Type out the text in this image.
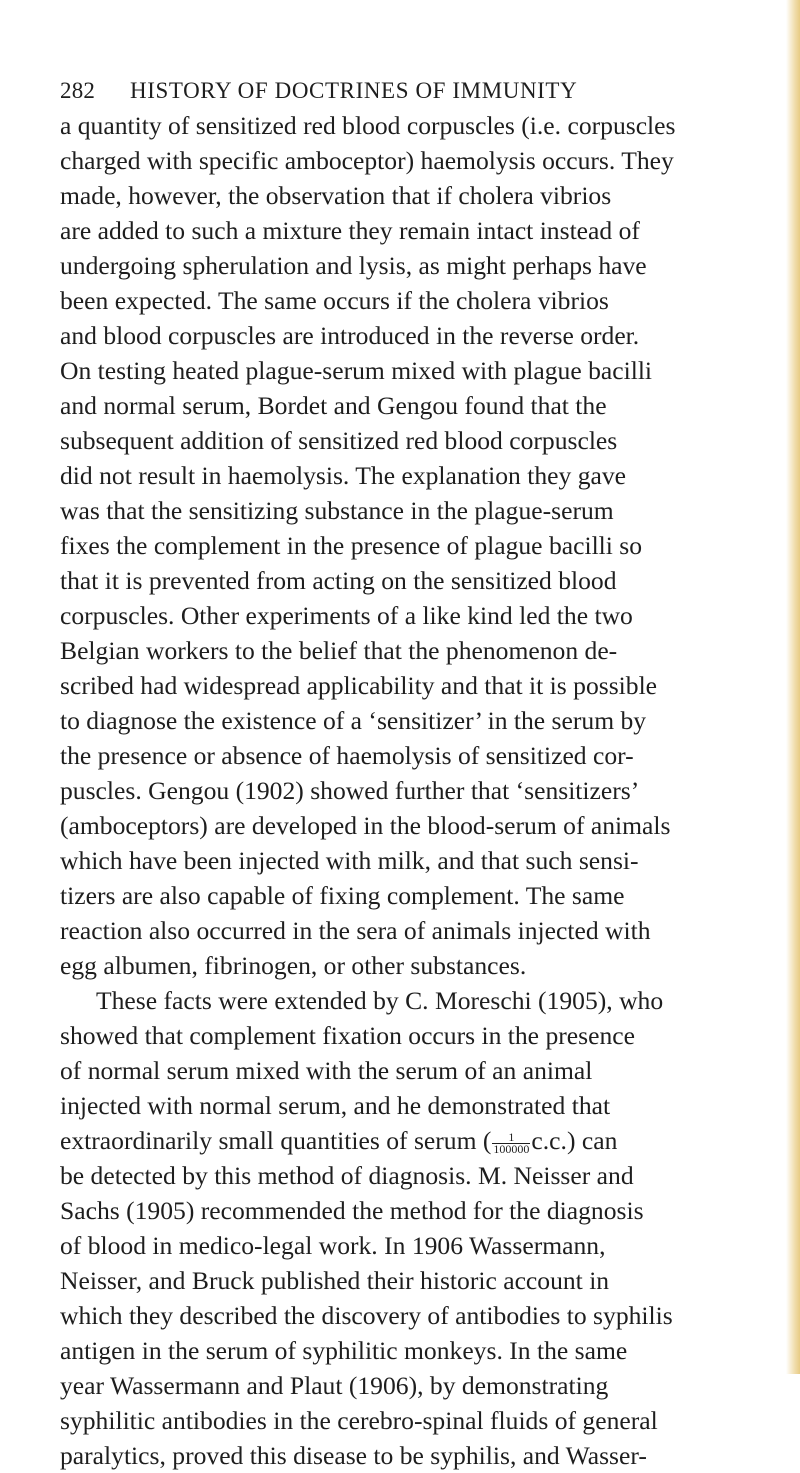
282 HISTORY OF DOCTRINES OF IMMUNITY
a quantity of sensitized red blood corpuscles (i.e. corpuscles
charged with specific amboceptor) haemolysis occurs. They
made, however, the observation that if cholera vibrios
are added to such a mixture they remain intact instead of
undergoing spherulation and lysis, as might perhaps have
been expected. The same occurs if the cholera vibrios
and blood corpuscles are introduced in the reverse order.
On testing heated plague-serum mixed with plague bacilli
and normal serum, Bordet and Gengou found that the
subsequent addition of sensitized red blood corpuscles
did not result in haemolysis. The explanation they gave
was that the sensitizing substance in the plague-serum
fixes the complement in the presence of plague bacilli so
that it is prevented from acting on the sensitized blood
corpuscles. Other experiments of a like kind led the two
Belgian workers to the belief that the phenomenon de-
scribed had widespread applicability and that it is possible
to diagnose the existence of a ‘sensitizer’ in the serum by
the presence or absence of haemolysis of sensitized cor-
puscles. Gengou (1902) showed further that ‘sensitizers’
(amboceptors) are developed in the blood-serum of animals
which have been injected with milk, and that such sensi-
tizers are also capable of fixing complement. The same
reaction also occurred in the sera of animals injected with
egg albumen, fibrinogen, or other substances.
These facts were extended by C. Moreschi (1905), who
showed that complement fixation occurs in the presence
of normal serum mixed with the serum of an animal
injected with normal serum, and he demonstrated that
extraordinarily small quantities of serum ( $\frac{1}{100000} c.c$.) can
be detected by this method of diagnosis. M. Neisser and
Sachs (1905) recommended the method for the diagnosis
of blood in medico-legal work. In 1906 Wassermann,
Neisser, and Bruck published their historic account in
which they described the discovery of antibodies to syphilis
antigen in the serum of syphilitic monkeys. In the same
year Wassermann and Plaut (1906), by demonstrating
syphilitic antibodies in the cerebro-spinal fluids of general
paralytics, proved this disease to be syphilis, and Wasser-
